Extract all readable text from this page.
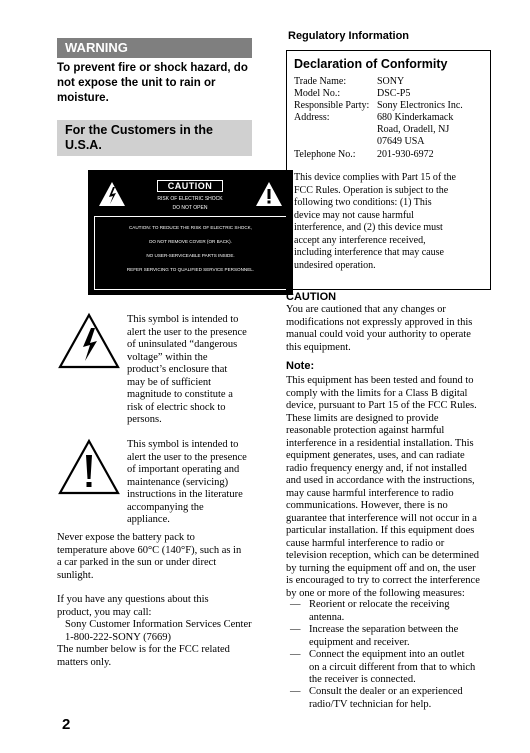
WARNING
To prevent fire or shock hazard, do not expose the unit to rain or moisture.
For the Customers in the U.S.A.
CAUTION
RISK OF ELECTRIC SHOCK
DO NOT OPEN
CAUTION: TO REDUCE THE RISK OF ELECTRIC SHOCK,
DO NOT REMOVE COVER (OR BACK).
NO USER-SERVICEABLE PARTS INSIDE.
REFER SERVICING TO QUALIFIED SERVICE PERSONNEL.
This symbol is intended to
alert the user to the presence
of uninsulated “dangerous
voltage” within the
product’s enclosure that
may be of sufficient
magnitude to constitute a
risk of electric shock to
persons.
This symbol is intended to
alert the user to the presence
of important operating and
maintenance (servicing)
instructions in the literature
accompanying the
appliance.
Never expose the battery pack to
temperature above 60°C (140°F), such as in
a car parked in the sun or under direct
sunlight.
If you have any questions about this
product, you may call:
Sony Customer Information Services Center
1-800-222-SONY (7669)
The number below is for the FCC related
matters only.
2
Regulatory Information
Declaration of Conformity
Trade Name:	SONY
Model No.:	DSC-P5
Responsible Party: Sony Electronics Inc.
Address:	680 Kinderkamack
Road, Oradell, NJ
07649 USA
Telephone No.: 201-930-6972
This device complies with Part 15 of the
FCC Rules. Operation is subject to the
following two conditions: (1) This
device may not cause harmful
interference, and (2) this device must
accept any interference received,
including interference that may cause
undesired operation.
CAUTION
You are cautioned that any changes or
modifications not expressly approved in this
manual could void your authority to operate
this equipment.
Note:
This equipment has been tested and found to
comply with the limits for a Class B digital
device, pursuant to Part 15 of the FCC Rules.
These limits are designed to provide
reasonable protection against harmful
interference in a residential installation. This
equipment generates, uses, and can radiate
radio frequency energy and, if not installed
and used in accordance with the instructions,
may cause harmful interference to radio
communications. However, there is no
guarantee that interference will not occur in a
particular installation. If this equipment does
cause harmful interference to radio or
television reception, which can be determined
by turning the equipment off and on, the user
is encouraged to try to correct the interference
by one or more of the following measures:
— Reorient or relocate the receiving
antenna.
— Increase the separation between the
equipment and receiver.
— Connect the equipment into an outlet
on a circuit different from that to which
the receiver is connected.
— Consult the dealer or an experienced
radio/TV technician for help.
